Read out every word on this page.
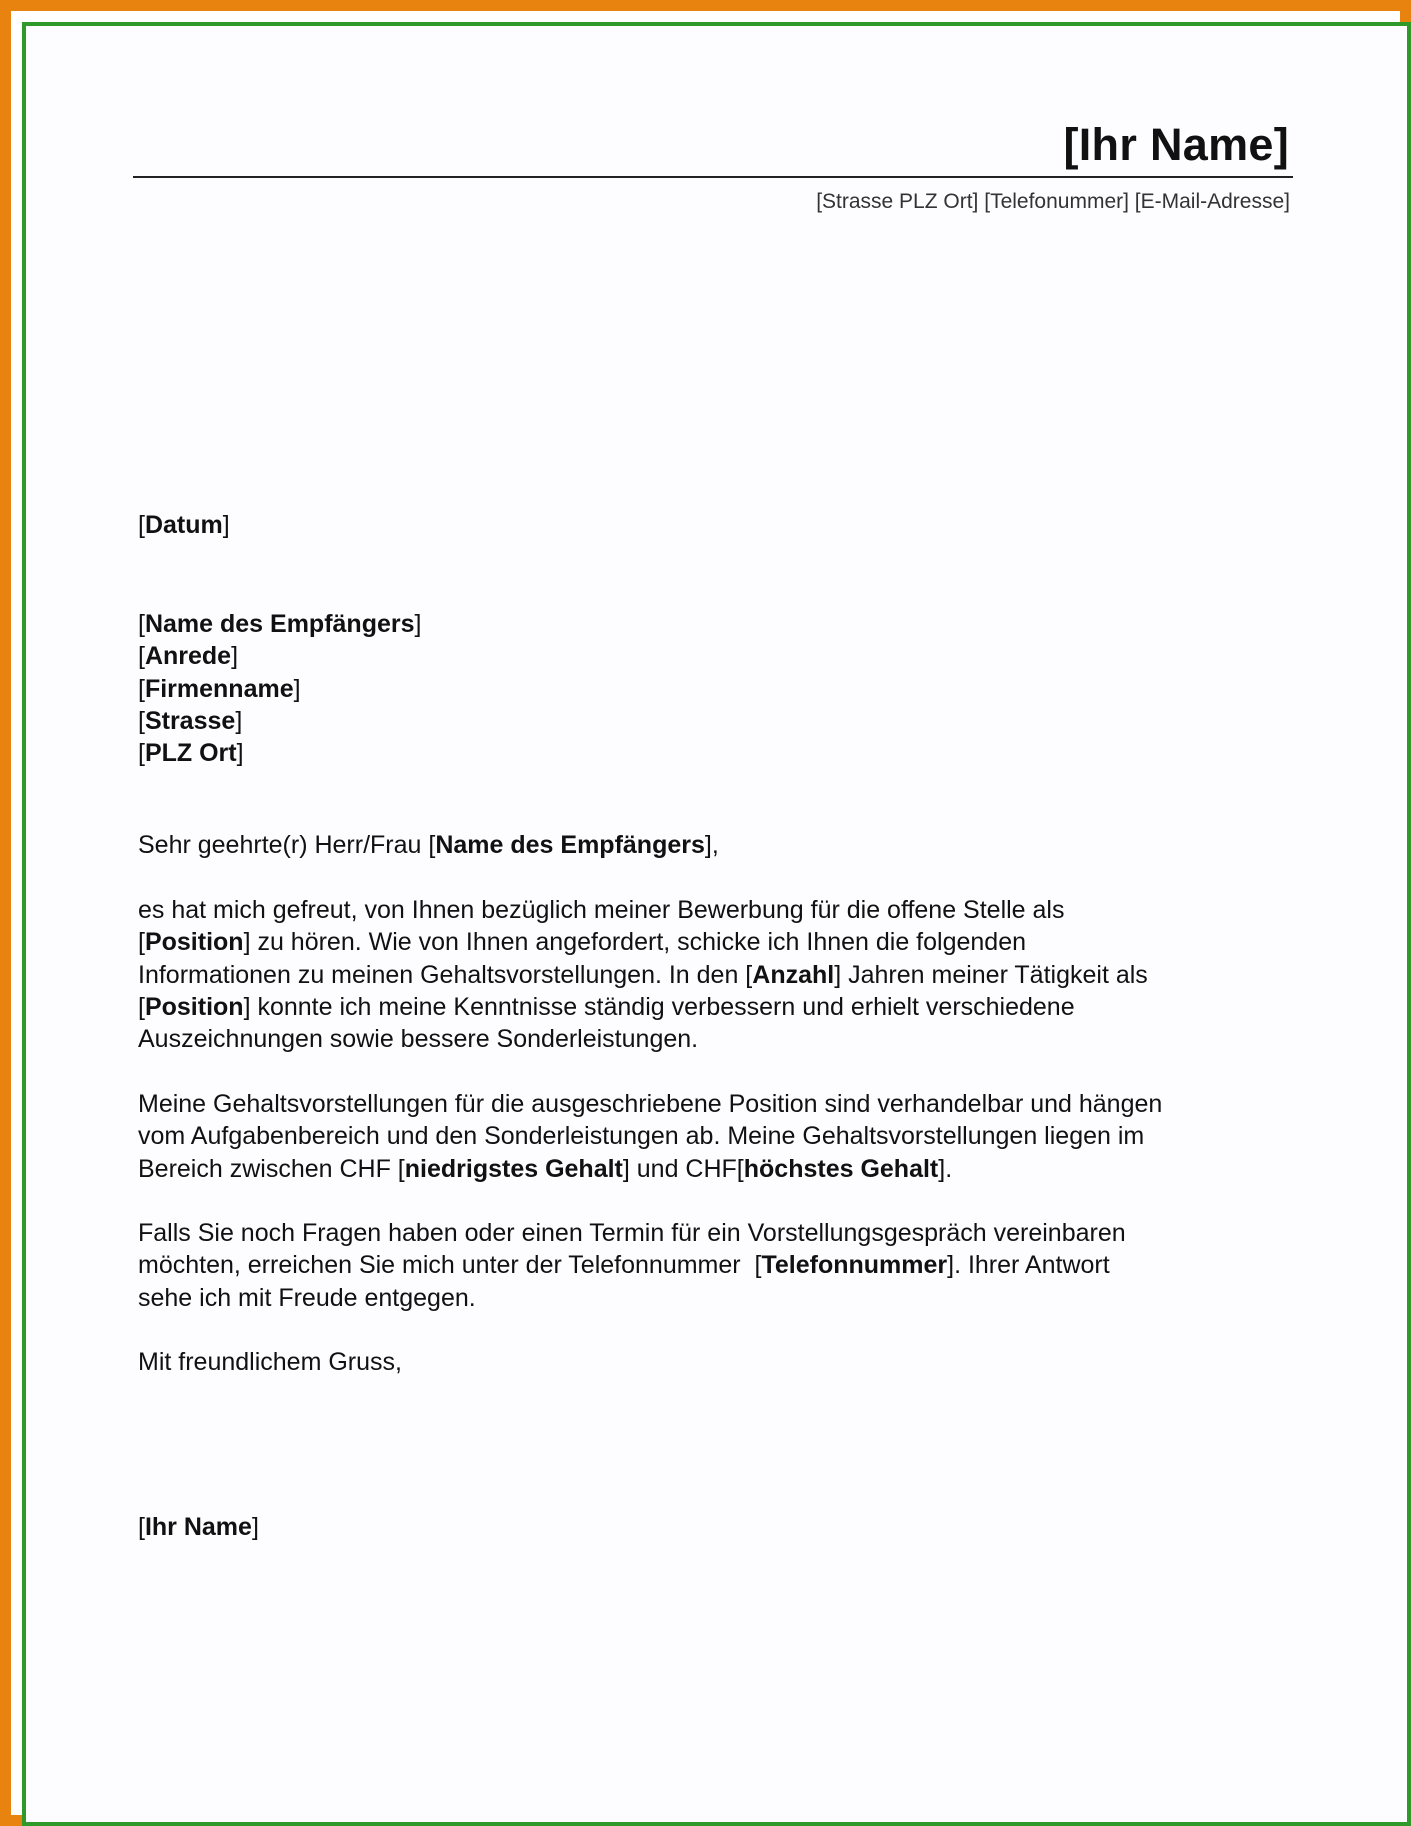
[Ihr Name]
[Strasse PLZ Ort] [Telefonummer] [E-Mail-Adresse]
[Datum]
[Name des Empfängers]
[Anrede]
[Firmenname]
[Strasse]
[PLZ Ort]
Sehr geehrte(r) Herr/Frau [Name des Empfängers],
es hat mich gefreut, von Ihnen bezüglich meiner Bewerbung für die offene Stelle als
[Position] zu hören. Wie von Ihnen angefordert, schicke ich Ihnen die folgenden
Informationen zu meinen Gehaltsvorstellungen. In den [Anzahl] Jahren meiner Tätigkeit als
[Position] konnte ich meine Kenntnisse ständig verbessern und erhielt verschiedene
Auszeichnungen sowie bessere Sonderleistungen.
Meine Gehaltsvorstellungen für die ausgeschriebene Position sind verhandelbar und hängen
vom Aufgabenbereich und den Sonderleistungen ab. Meine Gehaltsvorstellungen liegen im
Bereich zwischen CHF [niedrigstes Gehalt] und CHF[höchstes Gehalt].
Falls Sie noch Fragen haben oder einen Termin für ein Vorstellungsgespräch vereinbaren
möchten, erreichen Sie mich unter der Telefonnummer  [Telefonnummer]. Ihrer Antwort
sehe ich mit Freude entgegen.
Mit freundlichem Gruss,
[Ihr Name]
